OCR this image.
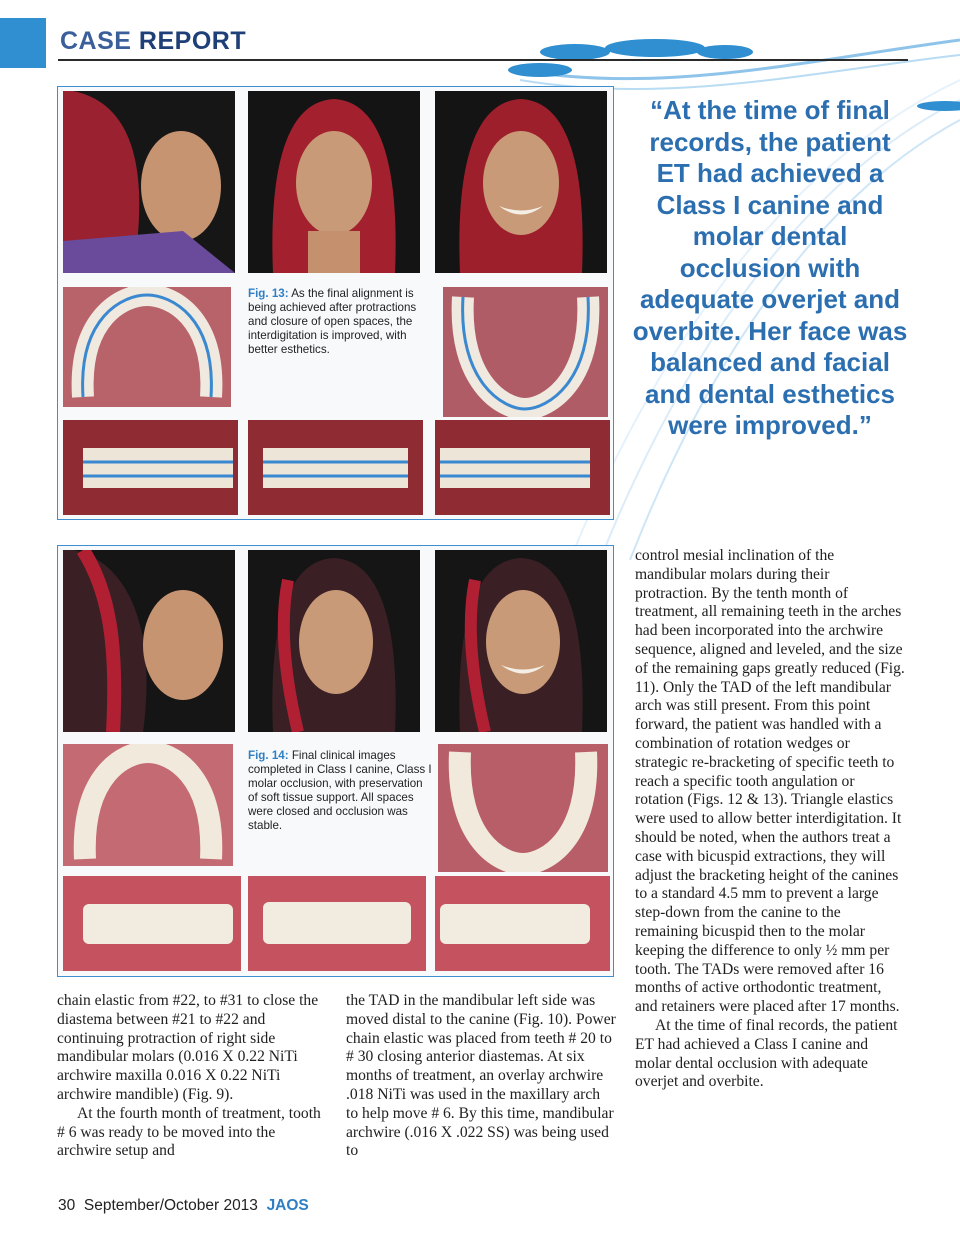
CASE REPORT
Fig. 13: As the final alignment is being achieved after protractions and closure of open spaces, the interdigitation is improved, with better esthetics.
“At the time of final records, the patient ET had achieved a Class I canine and molar dental occlusion with adequate overjet and overbite. Her face was balanced and facial and dental esthetics were improved.”
Fig. 14: Final clinical images completed in Class I canine, Class I molar occlusion, with preservation of soft tissue support. All spaces were closed and occlusion was stable.

chain elastic from #22, to #31 to close the diastema between #21 to #22 and continuing protraction of right side mandibular molars (0.016 X 0.22 NiTi archwire maxilla 0.016 X 0.22 NiTi archwire mandible) (Fig. 9).

At the fourth month of treatment, tooth # 6 was ready to be moved into the archwire setup and

the TAD in the mandibular left side was moved distal to the canine (Fig. 10). Power chain elastic was placed from teeth # 20 to # 30 closing anterior diastemas. At six months of treatment, an overlay archwire .018 NiTi was used in the maxillary arch to help move # 6. By this time, mandibular archwire (.016 X .022 SS) was being used to

control mesial inclination of the mandibular molars during their protraction. By the tenth month of treatment, all remaining teeth in the arches had been incorporated into the archwire sequence, aligned and leveled, and the size of the remaining gaps greatly reduced (Fig. 11). Only the TAD of the left mandibular arch was still present. From this point forward, the patient was handled with a combination of rotation wedges or strategic re-bracketing of specific teeth to reach a specific tooth angulation or rotation (Figs. 12 & 13). Triangle elastics were used to allow better interdigitation. It should be noted, when the authors treat a case with bicuspid extractions, they will adjust the bracketing height of the canines to a standard 4.5 mm to prevent a large step-down from the canine to the remaining bicuspid then to the molar keeping the difference to only ½ mm per tooth. The TADs were removed after 16 months of active orthodontic treatment, and retainers were placed after 17 months.

At the time of final records, the patient ET had achieved a Class I canine and molar dental occlusion with adequate overjet and overbite.

30 September/October 2013 JAOS
